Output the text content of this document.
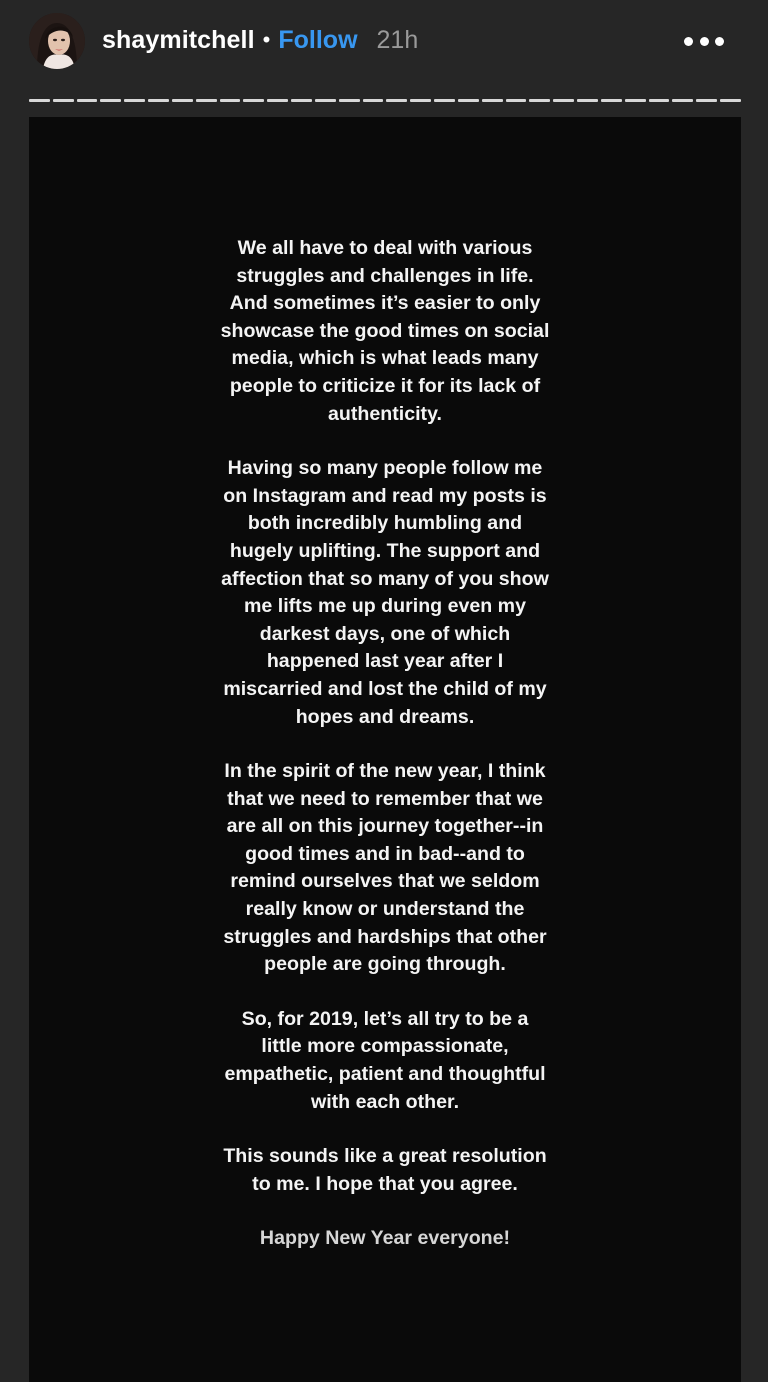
shaymitchell • Follow 21h

We all have to deal with various struggles and challenges in life. And sometimes it’s easier to only showcase the good times on social media, which is what leads many people to criticize it for its lack of authenticity.

Having so many people follow me on Instagram and read my posts is both incredibly humbling and hugely uplifting. The support and affection that so many of you show me lifts me up during even my darkest days, one of which happened last year after I miscarried and lost the child of my hopes and dreams.

In the spirit of the new year, I think that we need to remember that we are all on this journey together--in good times and in bad--and to remind ourselves that we seldom really know or understand the struggles and hardships that other people are going through.

So, for 2019, let’s all try to be a little more compassionate, empathetic, patient and thoughtful with each other.

This sounds like a great resolution to me. I hope that you agree.

Happy New Year everyone!
